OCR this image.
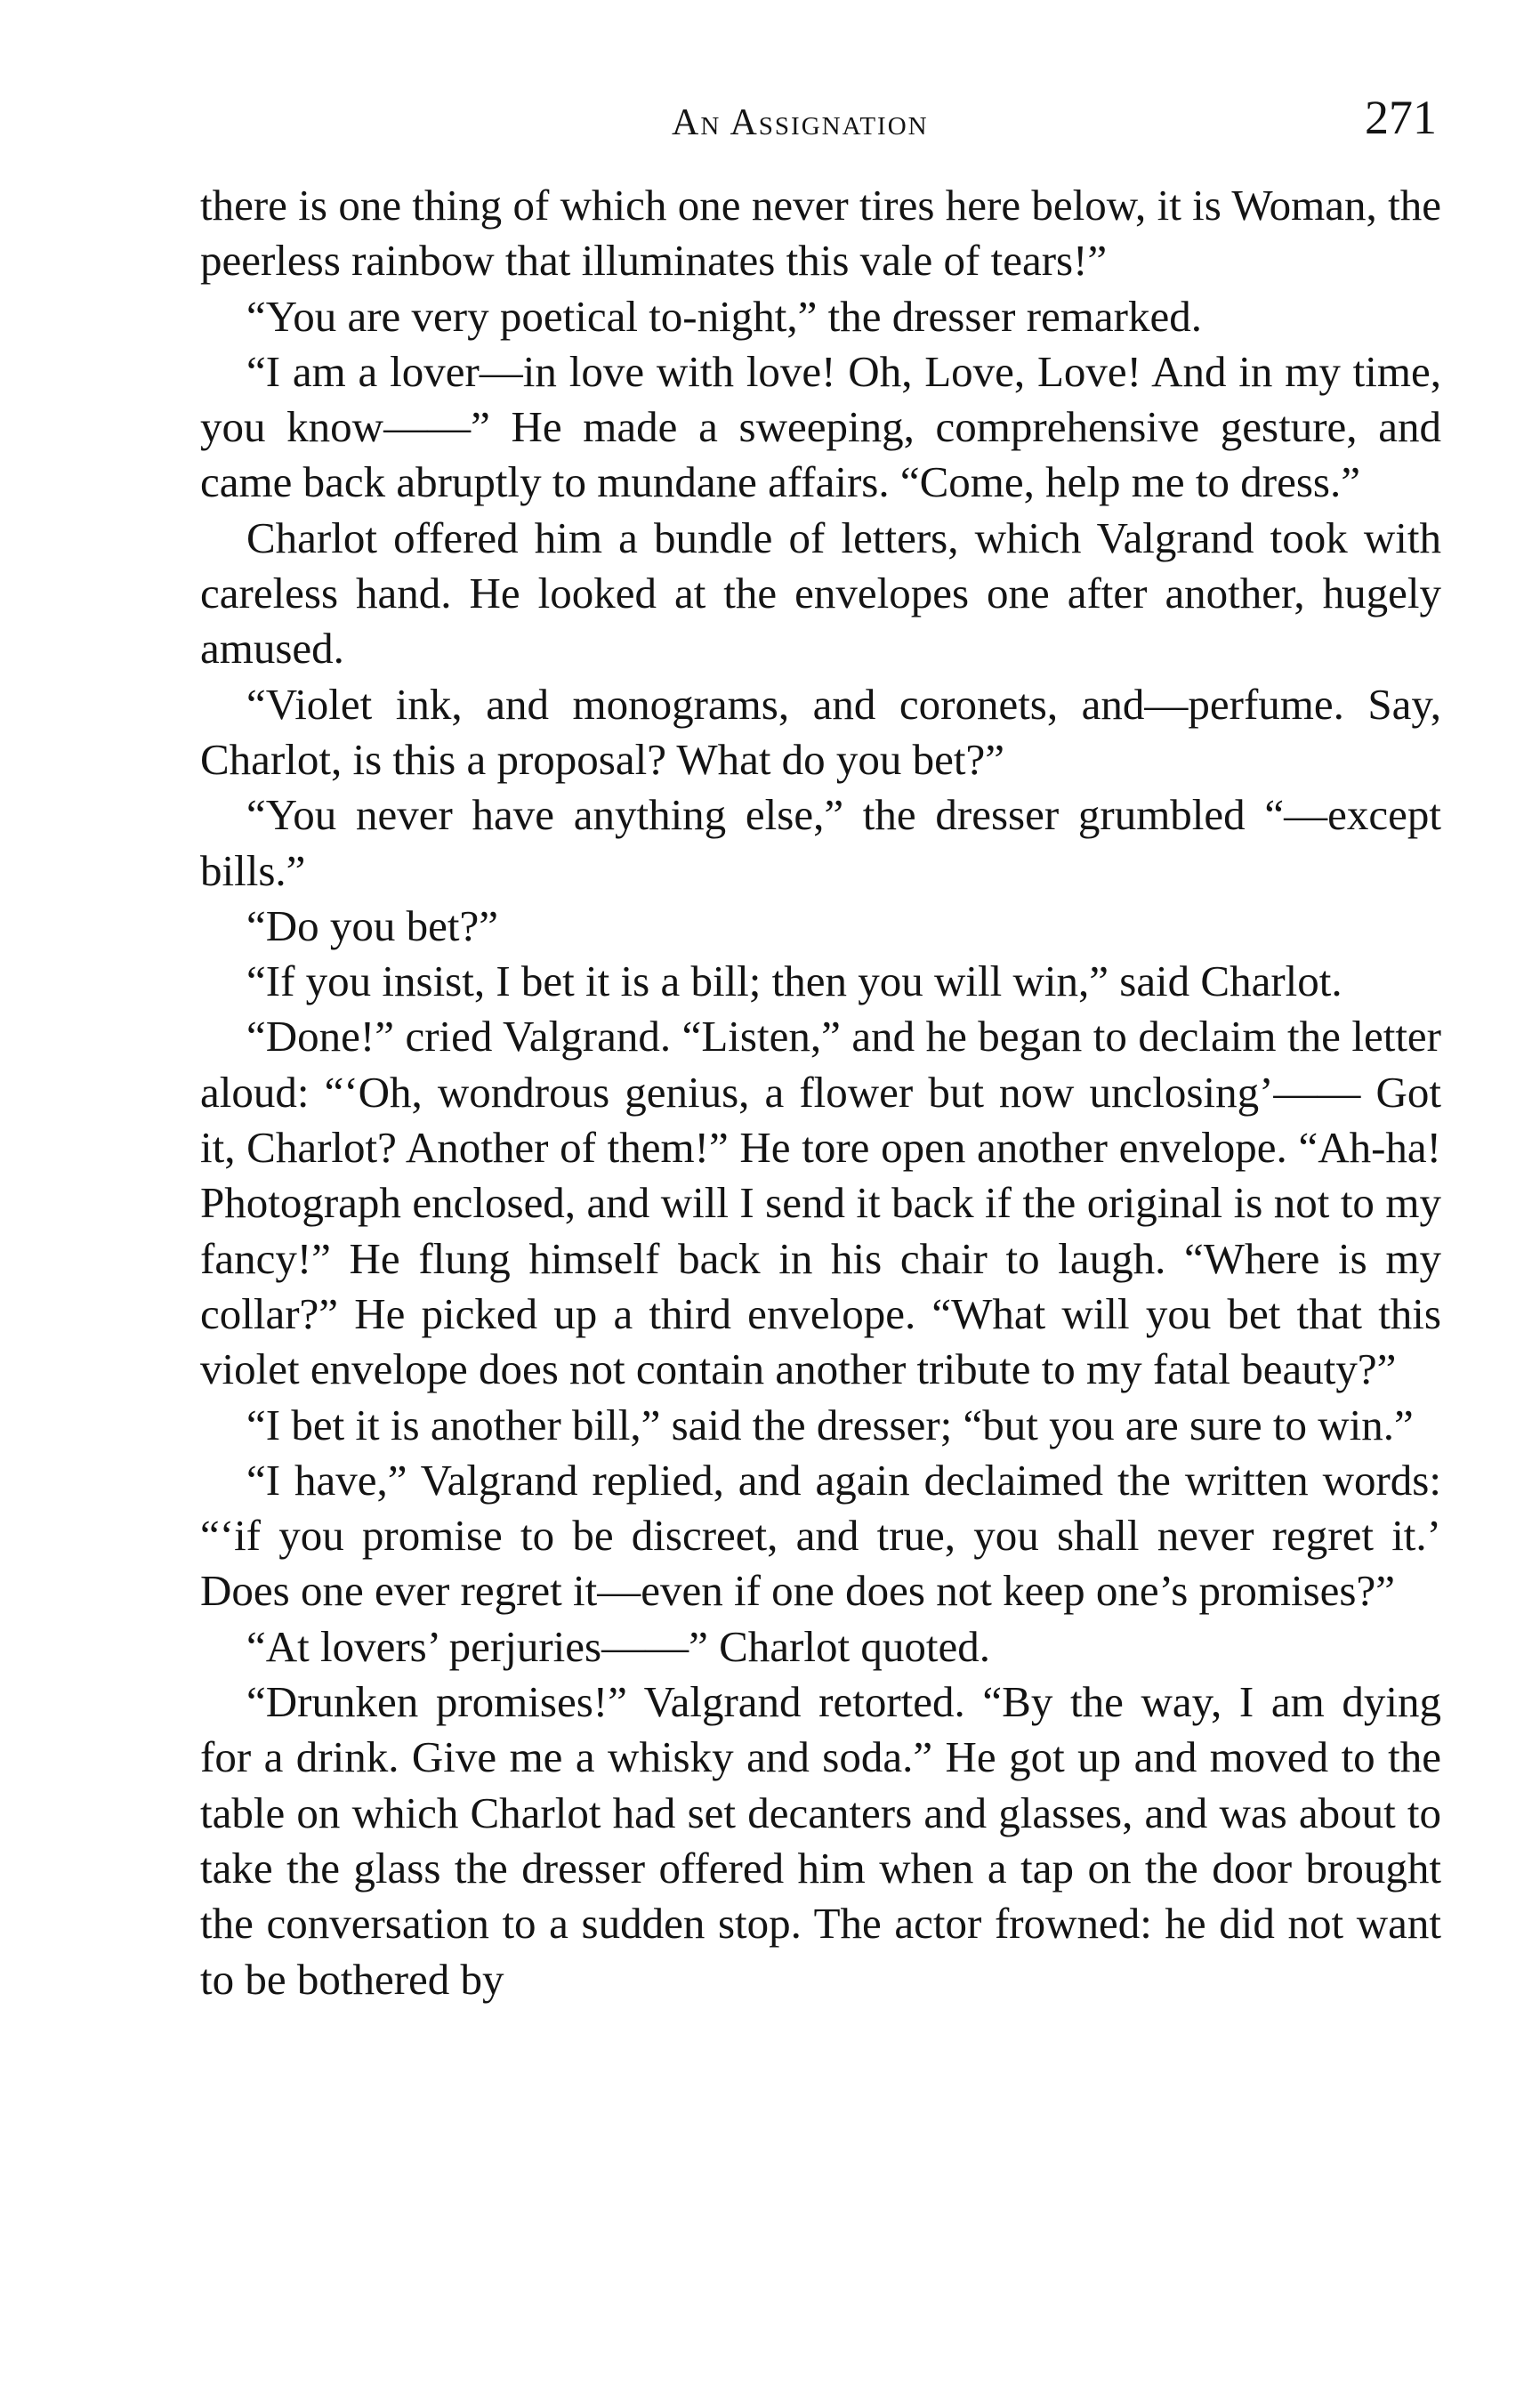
An Assignation	271

there is one thing of which one never tires here below, it is Woman, the peerless rainbow that illuminates this vale of tears!”

“You are very poetical to-night,” the dresser remarked.

“I am a lover—in love with love! Oh, Love, Love! And in my time, you know——” He made a sweeping, comprehensive gesture, and came back abruptly to mundane affairs. “Come, help me to dress.”

Charlot offered him a bundle of letters, which Valgrand took with careless hand. He looked at the envelopes one after another, hugely amused.

“Violet ink, and monograms, and coronets, and—perfume. Say, Charlot, is this a proposal? What do you bet?”

“You never have anything else,” the dresser grumbled “—except bills.”

“Do you bet?”

“If you insist, I bet it is a bill; then you will win,” said Charlot.

“Done!” cried Valgrand. “Listen,” and he began to declaim the letter aloud: “‘Oh, wondrous genius, a flower but now unclosing’—— Got it, Charlot? Another of them!” He tore open another envelope. “Ah-ha! Photograph enclosed, and will I send it back if the original is not to my fancy!” He flung himself back in his chair to laugh. “Where is my collar?” He picked up a third envelope. “What will you bet that this violet envelope does not contain another tribute to my fatal beauty?”

“I bet it is another bill,” said the dresser; “but you are sure to win.”

“I have,” Valgrand replied, and again declaimed the written words: “‘if you promise to be discreet, and true, you shall never regret it.’ Does one ever regret it—even if one does not keep one’s promises?”

“At lovers’ perjuries——” Charlot quoted.

“Drunken promises!” Valgrand retorted. “By the way, I am dying for a drink. Give me a whisky and soda.” He got up and moved to the table on which Charlot had set decanters and glasses, and was about to take the glass the dresser offered him when a tap on the door brought the conversation to a sudden stop. The actor frowned: he did not want to be bothered by
